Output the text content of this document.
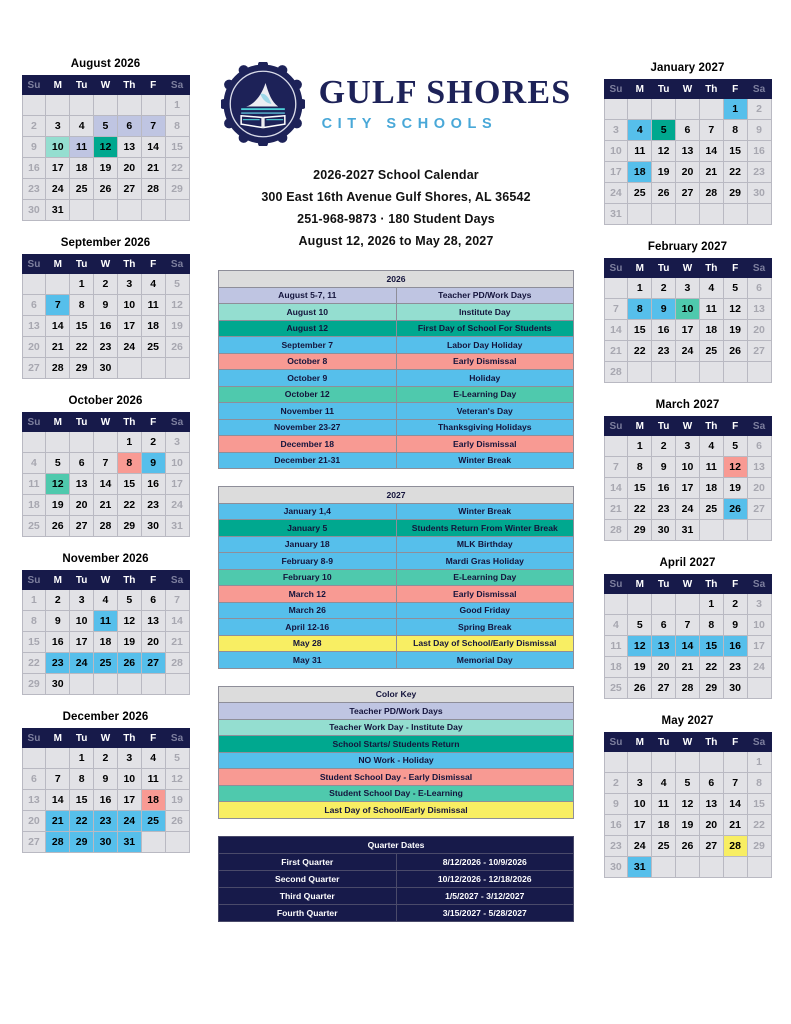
August 2026
Su	M	Tu	W	Th	F	Sa
						1
2	3	4	5	6	7	8
9	10	11	12	13	14	15
16	17	18	19	20	21	22
23	24	25	26	27	28	29
30	31					
September 2026
Su	M	Tu	W	Th	F	Sa
		1	2	3	4	5
6	7	8	9	10	11	12
13	14	15	16	17	18	19
20	21	22	23	24	25	26
27	28	29	30			
October 2026
Su	M	Tu	W	Th	F	Sa
				1	2	3
4	5	6	7	8	9	10
11	12	13	14	15	16	17
18	19	20	21	22	23	24
25	26	27	28	29	30	31
November 2026
Su	M	Tu	W	Th	F	Sa
1	2	3	4	5	6	7
8	9	10	11	12	13	14
15	16	17	18	19	20	21
22	23	24	25	26	27	28
29	30					
December 2026
Su	M	Tu	W	Th	F	Sa
		1	2	3	4	5
6	7	8	9	10	11	12
13	14	15	16	17	18	19
20	21	22	23	24	25	26
27	28	29	30	31		
GULF SHORES
CITY SCHOOLS
2026-2027 School Calendar
300 East 16th Avenue Gulf Shores, AL 36542
251-968-9873 · 180 Student Days
August 12, 2026 to May 28, 2027
2026	
August 5-7, 11	Teacher PD/Work Days
August 10	Institute Day
August 12	First Day of School For Students
September 7	Labor Day Holiday
October 8	Early Dismissal
October 9	Holiday
October 12	E-Learning Day
November 11	Veteran's Day
November 23-27	Thanksgiving Holidays
December 18	Early Dismissal
December 21-31	Winter Break
2027	
January 1,4	Winter Break
January 5	Students Return From Winter Break
January 18	MLK Birthday
February 8-9	Mardi Gras Holiday
February 10	E-Learning Day
March 12	Early Dismissal
March 26	Good Friday
April 12-16	Spring Break
May 28	Last Day of School/Early Dismissal
May 31	Memorial Day
Color Key
Teacher PD/Work Days
Teacher Work Day - Institute Day
School Starts/ Students Return
NO Work - Holiday
Student School Day - Early Dismissal
Student School Day - E-Learning
Last Day of School/Early Dismissal
Quarter Dates	
First Quarter	8/12/2026 - 10/9/2026
Second Quarter	10/12/2026 - 12/18/2026
Third Quarter	1/5/2027 - 3/12/2027
Fourth Quarter	3/15/2027 - 5/28/2027
January 2027
Su	M	Tu	W	Th	F	Sa
					1	2
3	4	5	6	7	8	9
10	11	12	13	14	15	16
17	18	19	20	21	22	23
24	25	26	27	28	29	30
31						
February 2027
Su	M	Tu	W	Th	F	Sa
	1	2	3	4	5	6
7	8	9	10	11	12	13
14	15	16	17	18	19	20
21	22	23	24	25	26	27
28						
March 2027
Su	M	Tu	W	Th	F	Sa
	1	2	3	4	5	6
7	8	9	10	11	12	13
14	15	16	17	18	19	20
21	22	23	24	25	26	27
28	29	30	31			
April 2027
Su	M	Tu	W	Th	F	Sa
				1	2	3
4	5	6	7	8	9	10
11	12	13	14	15	16	17
18	19	20	21	22	23	24
25	26	27	28	29	30	
May 2027
Su	M	Tu	W	Th	F	Sa
						1
2	3	4	5	6	7	8
9	10	11	12	13	14	15
16	17	18	19	20	21	22
23	24	25	26	27	28	29
30	31					
